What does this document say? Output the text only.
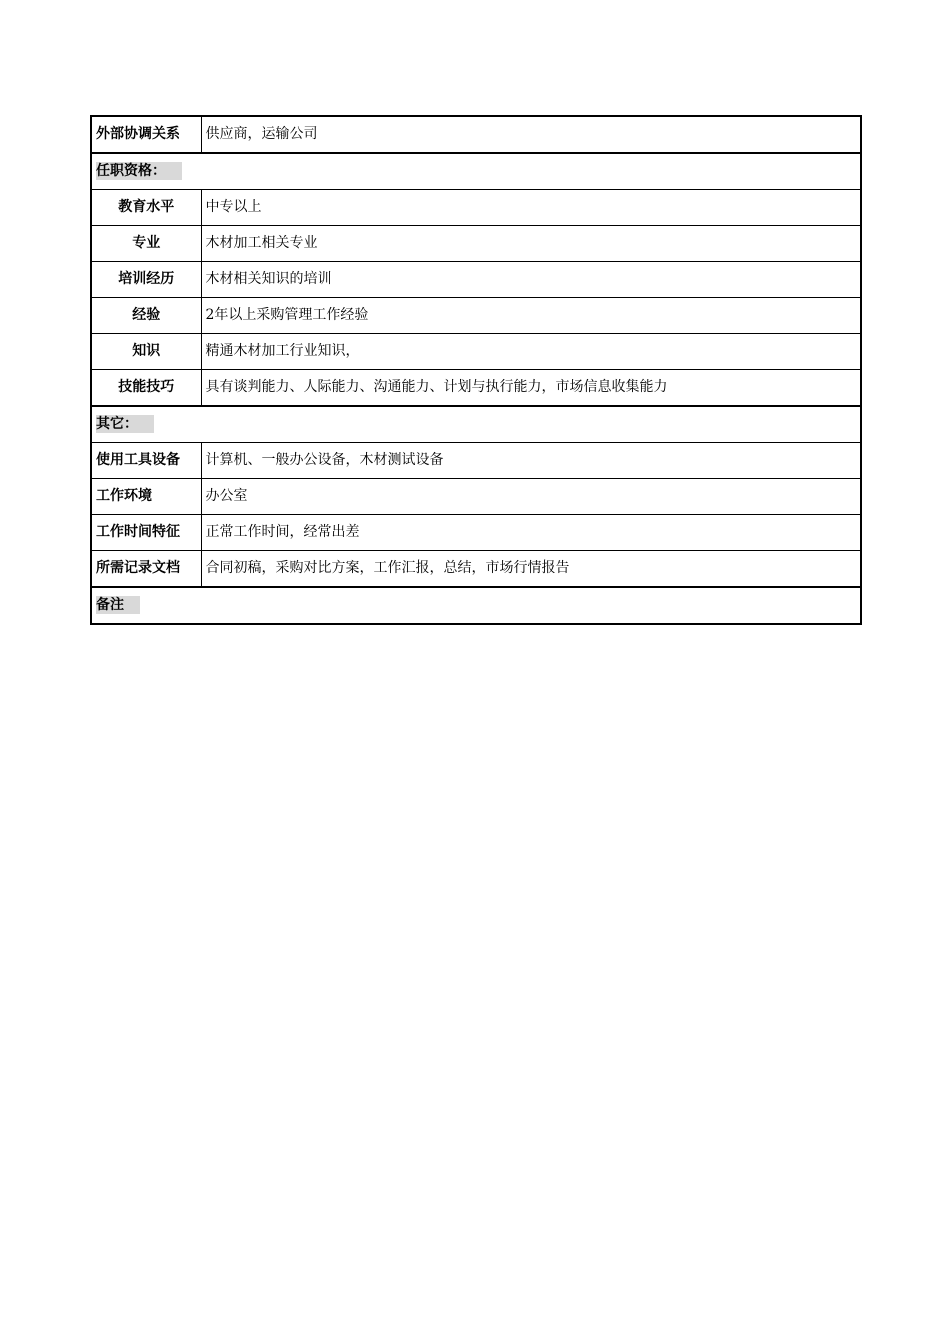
外部协调关系	供应商，运输公司
任职资格：	
教育水平	中专以上
专业	木材加工相关专业
培训经历	木材相关知识的培训
经验	2年以上采购管理工作经验
知识	精通木材加工行业知识，
技能技巧	具有谈判能力、人际能力、沟通能力、计划与执行能力，市场信息收集能力
其它：	
使用工具设备	计算机、一般办公设备，木材测试设备
工作环境	办公室
工作时间特征	正常工作时间，经常出差
所需记录文档	合同初稿，采购对比方案，工作汇报，总结，市场行情报告
备注	
